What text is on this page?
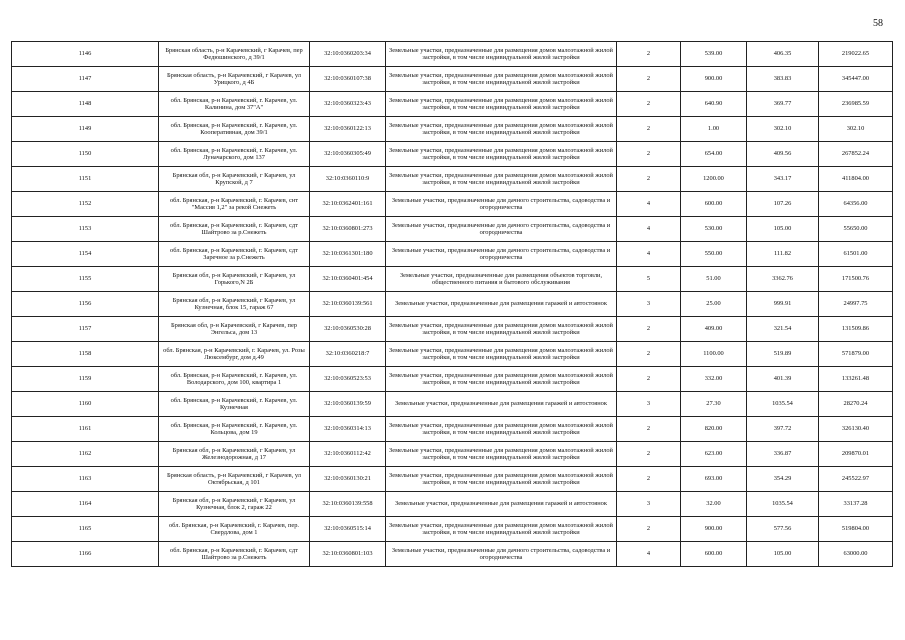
58
1146	Брянская область, р-н Карачевский, г Карачев, пер Федюшинского, д 39/1	32:10:0360203:34	Земельные участки, предназначенные для размещения домов малоэтажной жилой застройки, в том числе индивидуальной жилой застройки	2	539.00	406.35	219022.65
1147	Брянская область, р-н Карачевский, г Карачев, ул Урицкого, д 4Б	32:10:0360107:38	Земельные участки, предназначенные для размещения домов малоэтажной жилой застройки, в том числе индивидуальной жилой застройки	2	900.00	383.83	345447.00
1148	обл. Брянская, р-н Карачевский, г. Карачев, ул. Калинина, дом 37"А"	32:10:0360323:43	Земельные участки, предназначенные для размещения домов малоэтажной жилой застройки, в том числе индивидуальной жилой застройки	2	640.90	369.77	236985.59
1149	обл. Брянская, р-н Карачевский, г. Карачев, ул. Кооперативная, дом 39/1	32:10:0360122:13	Земельные участки, предназначенные для размещения домов малоэтажной жилой застройки, в том числе индивидуальной жилой застройки	2	1.00	302.10	302.10
1150	обл. Брянская, р-н Карачевский, г. Карачев, ул. Луначарского, дом 137	32:10:0360305:49	Земельные участки, предназначенные для размещения домов малоэтажной жилой застройки, в том числе индивидуальной жилой застройки	2	654.00	409.56	267852.24
1151	Брянская обл, р-н Карачевский, г Карачев, ул Крупской, д 7	32:10:0360110:9	Земельные участки, предназначенные для размещения домов малоэтажной жилой застройки, в том числе индивидуальной жилой застройки	2	1200.00	343.17	411804.00
1152	обл. Брянская, р-н Карачевский, г. Карачев, снт "Массив 1,2" за рекой Снежеть	32:10:0362401:161	Земельные участки, предназначенные для дачного строительства, садоводства и огородничества	4	600.00	107.26	64356.00
1153	обл. Брянская, р-н Карачевский, г. Карачев, сдт Шайтрово за р.Снежеть	32:10:0360801:273	Земельные участки, предназначенные для дачного строительства, садоводства и огородничества	4	530.00	105.00	55650.00
1154	обл. Брянская, р-н Карачевский, г. Карачев, сдт Заречное за р.Снежеть	32:10:0361301:180	Земельные участки, предназначенные для дачного строительства, садоводства и огородничества	4	550.00	111.82	61501.00
1155	Брянская обл, р-н Карачевский, г Карачев, ул Горького,N 2Б	32:10:0360401:454	Земельные участки, предназначенные для размещения объектов торговли, общественного питания и бытового обслуживания	5	51.00	3362.76	171500.76
1156	Брянская обл, р-н Карачевский, г Карачев, ул Кузнечная, блок 15, гараж 67	32:10:0360139:561	Земельные участки, предназначенные для размещения гаражей и автостоянок	3	25.00	999.91	24997.75
1157	Брянская обл, р-н Карачевский, г Карачев, пер Энгельса, дом 13	32:10:0360530:28	Земельные участки, предназначенные для размещения домов малоэтажной жилой застройки, в том числе индивидуальной жилой застройки	2	409.00	321.54	131509.86
1158	обл. Брянская, р-н Карачевский, г. Карачев, ул. Розы Люксембург, дом д.49	32:10:0360218:7	Земельные участки, предназначенные для размещения домов малоэтажной жилой застройки, в том числе индивидуальной жилой застройки	2	1100.00	519.89	571879.00
1159	обл. Брянская, р-н Карачевский, г. Карачев, ул. Володарского, дом 100, квартира 1	32:10:0360523:53	Земельные участки, предназначенные для размещения домов малоэтажной жилой застройки, в том числе индивидуальной жилой застройки	2	332.00	401.39	133261.48
1160	обл. Брянская, р-н Карачевский, г. Карачев, ул. Кузнечная	32:10:0360139:59	Земельные участки, предназначенные для размещения гаражей и автостоянок	3	27.30	1035.54	28270.24
1161	обл. Брянская, р-н Карачевский, г. Карачев, ул. Кольцова, дом 19	32:10:0360314:13	Земельные участки, предназначенные для размещения домов малоэтажной жилой застройки, в том числе индивидуальной жилой застройки	2	820.00	397.72	326130.40
1162	Брянская обл, р-н Карачевский, г Карачев, ул Железнодорожная, д 17	32:10:0360112:42	Земельные участки, предназначенные для размещения домов малоэтажной жилой застройки, в том числе индивидуальной жилой застройки	2	623.00	336.87	209870.01
1163	Брянская область, р-н Карачевский, г Карачев, ул Октябрьская, д 101	32:10:0360130:21	Земельные участки, предназначенные для размещения домов малоэтажной жилой застройки, в том числе индивидуальной жилой застройки	2	693.00	354.29	245522.97
1164	Брянская обл, р-н Карачевский, г Карачев, ул Кузнечная, блок 2, гараж 22	32:10:0360139:558	Земельные участки, предназначенные для размещения гаражей и автостоянок	3	32.00	1035.54	33137.28
1165	обл. Брянская, р-н Карачевский, г. Карачев, пер. Свердлова, дом 1	32:10:0360515:14	Земельные участки, предназначенные для размещения домов малоэтажной жилой застройки, в том числе индивидуальной жилой застройки	2	900.00	577.56	519804.00
1166	обл. Брянская, р-н Карачевский, г. Карачев, сдт Шайтрово за р.Снежеть	32:10:0360801:103	Земельные участки, предназначенные для дачного строительства, садоводства и огородничества	4	600.00	105.00	63000.00
